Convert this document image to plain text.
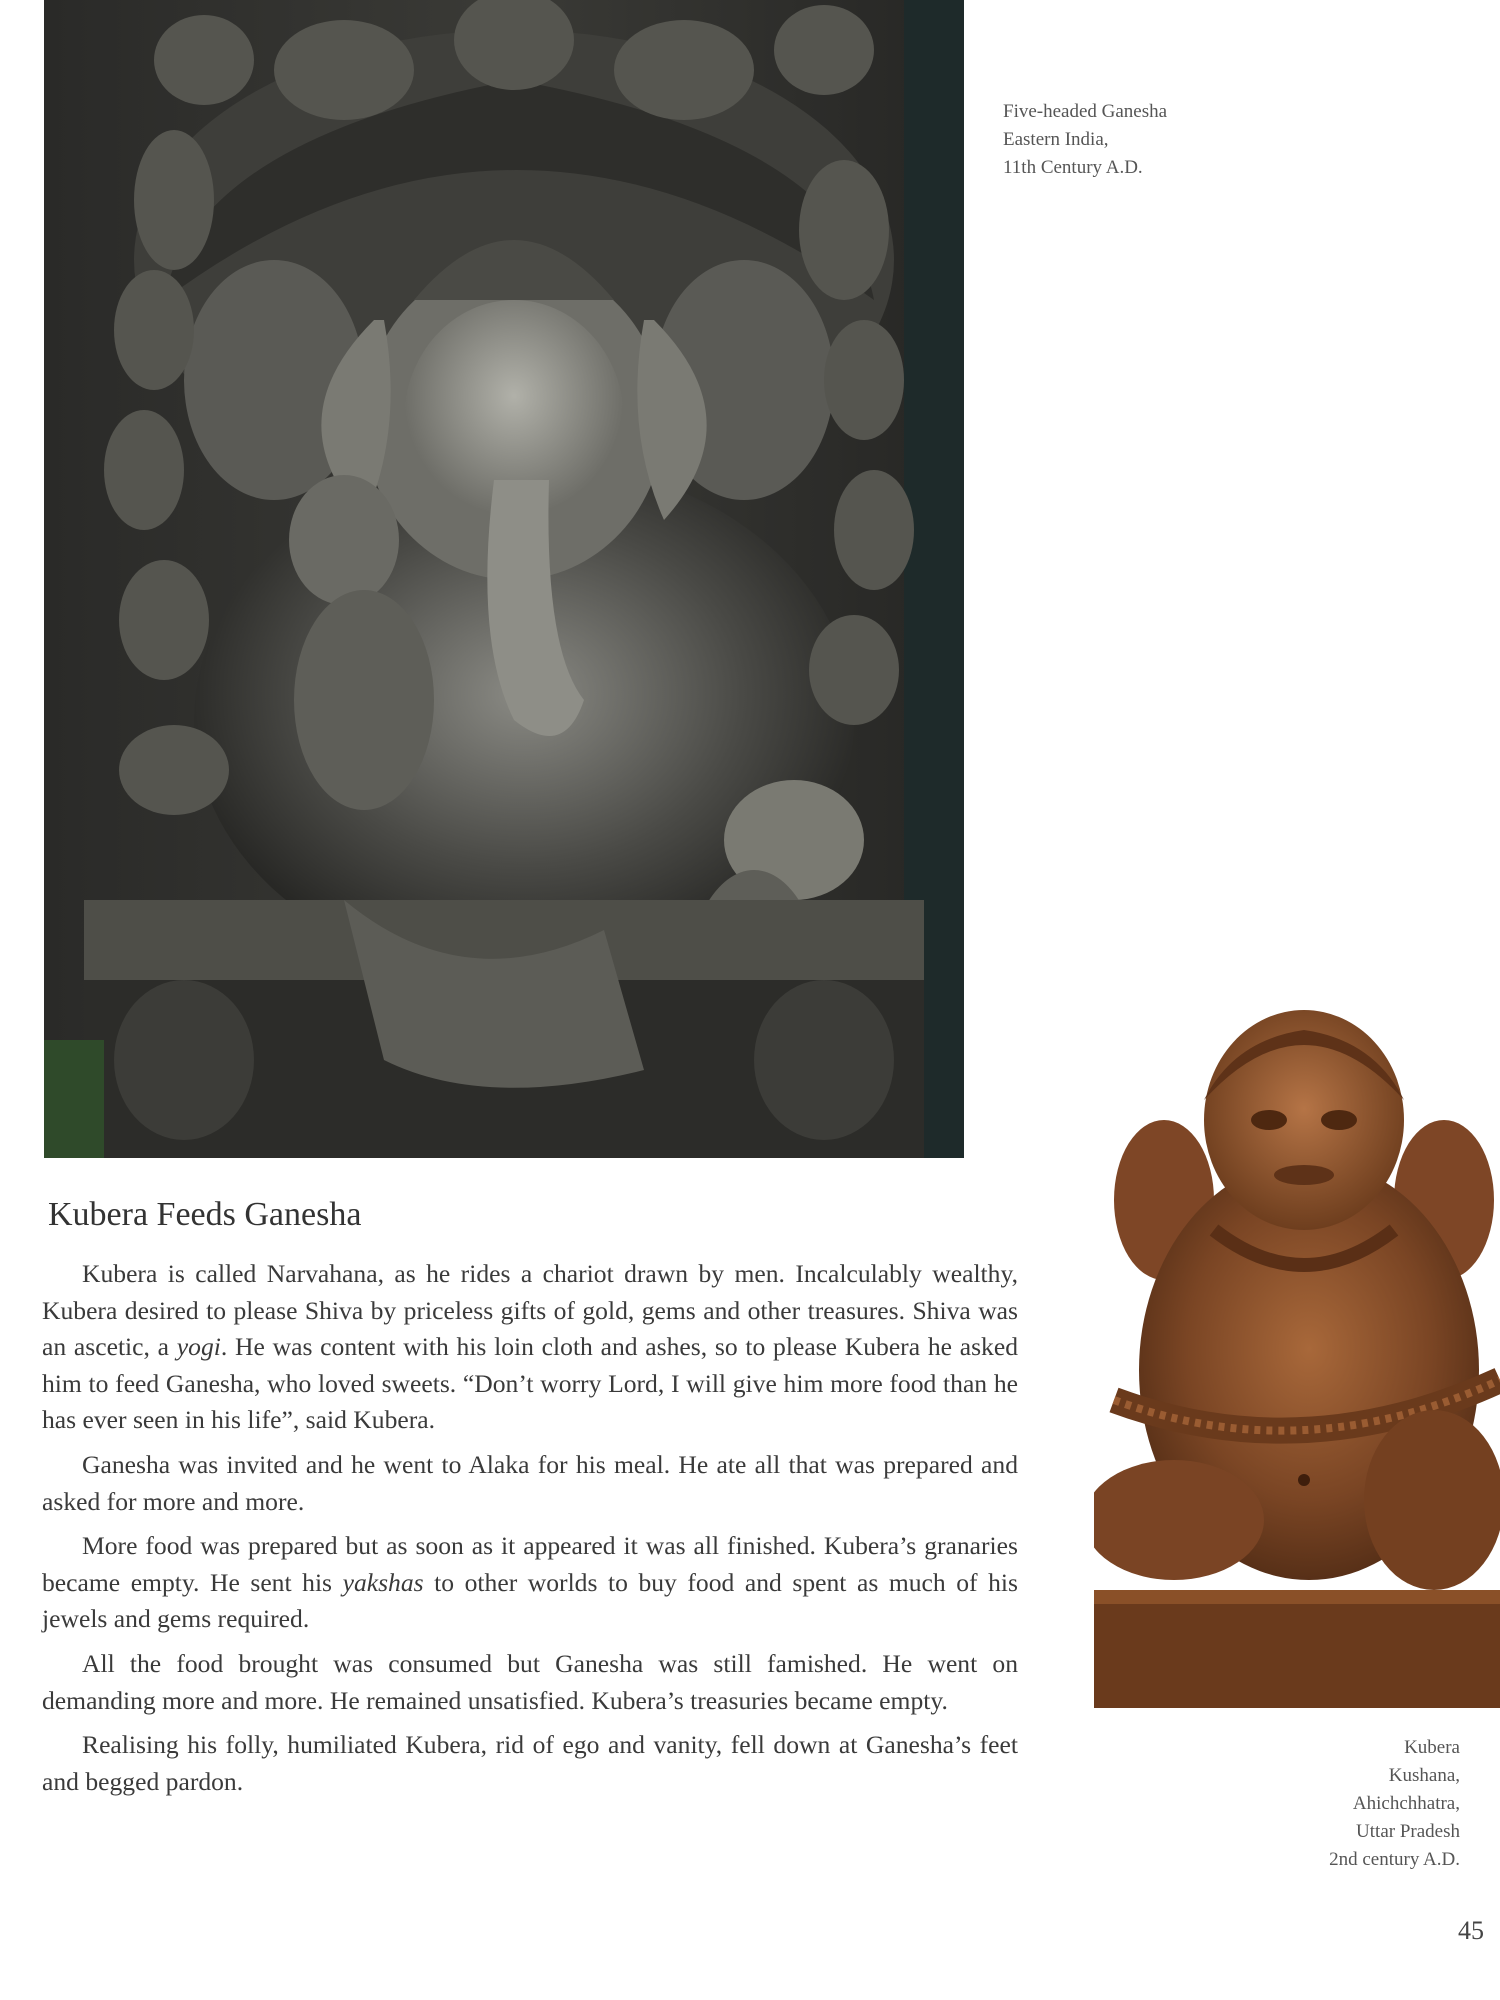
Five-headed Ganesha
Eastern India,
11th Century A.D.
Kubera Feeds Ganesha

Kubera is called Narvahana, as he rides a chariot drawn by men. Incalculably wealthy, Kubera desired to please Shiva by priceless gifts of gold, gems and other treasures. Shiva was an ascetic, a yogi. He was content with his loin cloth and ashes, so to please Kubera he asked him to feed Ganesha, who loved sweets. “Don’t worry Lord, I will give him more food than he has ever seen in his life”, said Kubera.

Ganesha was invited and he went to Alaka for his meal. He ate all that was prepared and asked for more and more.

More food was prepared but as soon as it appeared it was all finished. Kubera’s granaries became empty. He sent his yakshas to other worlds to buy food and spent as much of his jewels and gems required.

All the food brought was consumed but Ganesha was still famished. He went on demanding more and more. He remained unsatisfied. Kubera’s treasuries became empty.

Realising his folly, humiliated Kubera, rid of ego and vanity, fell down at Ganesha’s feet and begged pardon.

Kubera
Kushana,
Ahichchhatra,
Uttar Pradesh
2nd century A.D.
45
